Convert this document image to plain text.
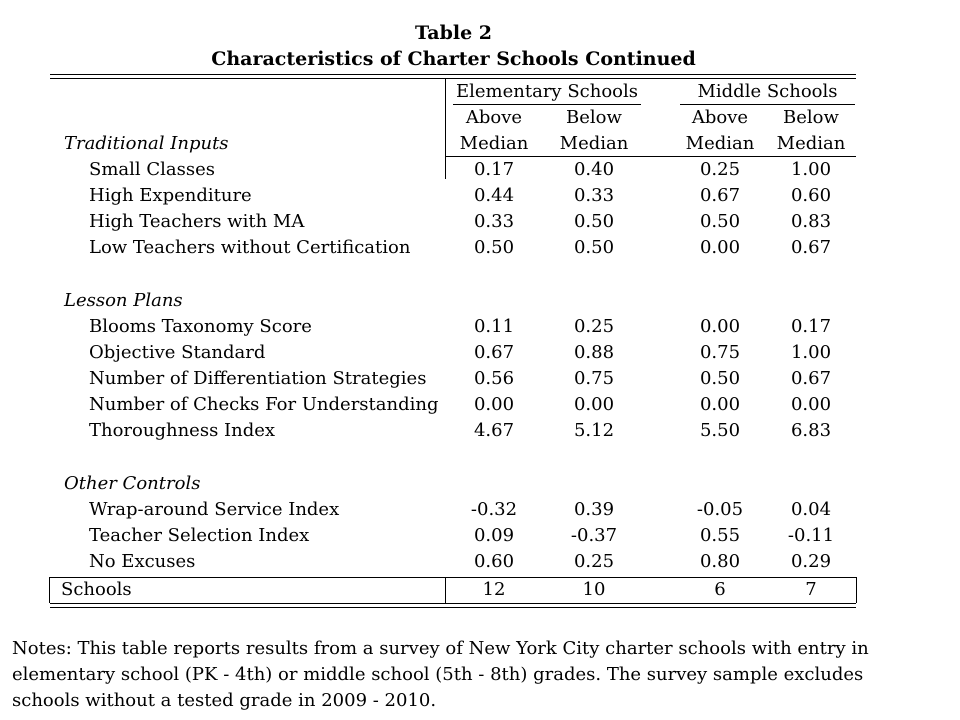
Table 2
Characteristics of Charter Schools Continued
Elementary Schools	Middle Schools
Above	Below	Above	Below
Traditional Inputs	Median	Median	Median	Median
Small Classes	0.17	0.40	0.25	1.00
High Expenditure	0.44	0.33	0.67	0.60
High Teachers with MA	0.33	0.50	0.50	0.83
Low Teachers without Certification	0.50	0.50	0.00	0.67
Lesson Plans
Blooms Taxonomy Score	0.11	0.25	0.00	0.17
Objective Standard	0.67	0.88	0.75	1.00
Number of Differentiation Strategies	0.56	0.75	0.50	0.67
Number of Checks For Understanding	0.00	0.00	0.00	0.00
Thoroughness Index	4.67	5.12	5.50	6.83
Other Controls
Wrap-around Service Index	-0.32	0.39	-0.05	0.04
Teacher Selection Index	0.09	-0.37	0.55	-0.11
No Excuses	0.60	0.25	0.80	0.29
Schools	12	10	6	7
Notes: This table reports results from a survey of New York City charter schools with entry in
elementary school (PK - 4th) or middle school (5th - 8th) grades. The survey sample excludes
schools without a tested grade in 2009 - 2010.
